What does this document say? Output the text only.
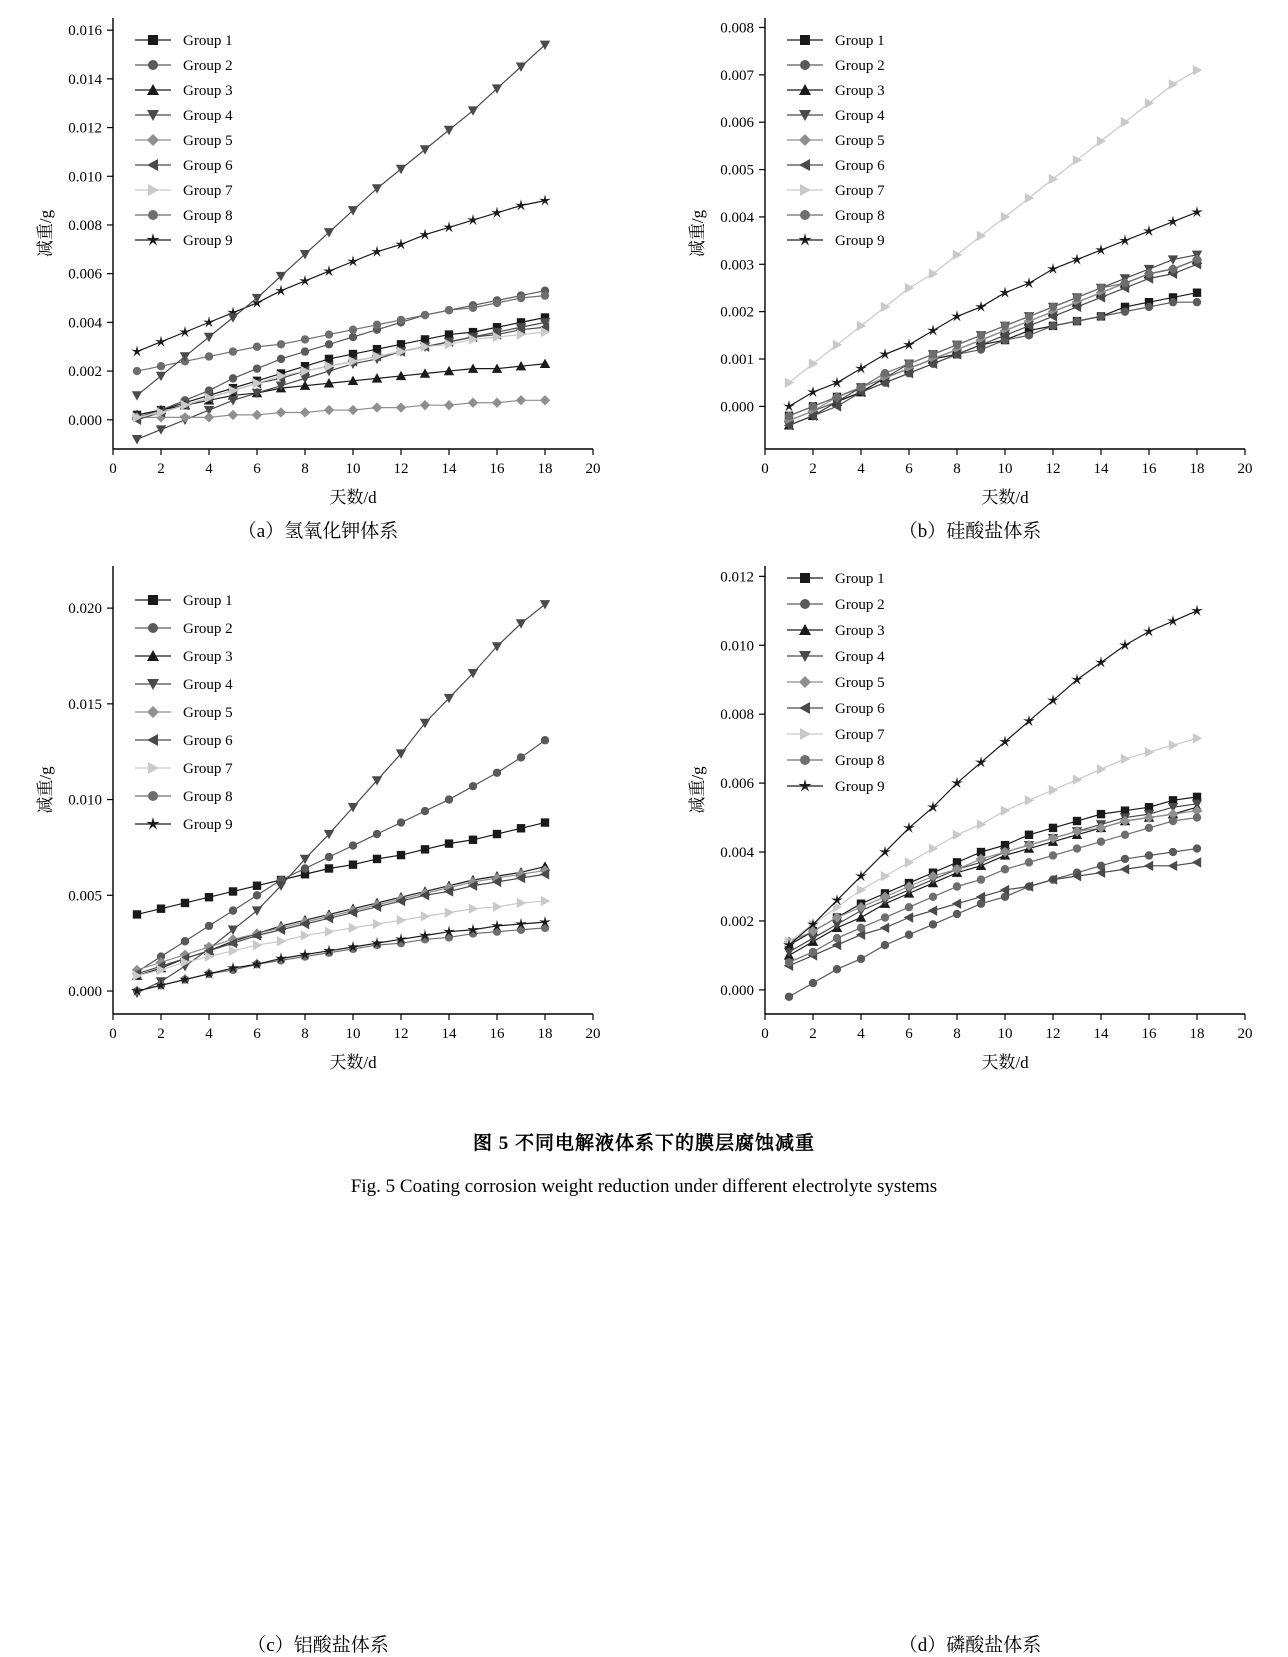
0	2	4	6	8 10 12 14 16 18 20
0.000
0.002
0.004
0.006
0.008
0.010
0.012
0.014
0.016
天数/d
减重/g
Group 1
Group 2
Group 3
Group 4
Group 5
Group 6
Group 7
Group 8
Group 9
（a）氢氧化钾体系
0	2	4	6	8 10 12 14 16 18 20
0.000
0.001
0.002
0.003
0.004
0.005
0.006
0.007
0.008
天数/d
减重/g
Group 1
Group 2
Group 3
Group 4
Group 5
Group 6
Group 7
Group 8
Group 9
（b）硅酸盐体系
0	2	4	6	8 10 12 14 16 18 20
0.000
0.005
0.010
0.015
0.020
天数/d
减重/g
Group 1
Group 2
Group 3
Group 4
Group 5
Group 6
Group 7
Group 8
Group 9
（c）铝酸盐体系
0	2	4	6	8 10 12 14 16 18 20
0.000
0.002
0.004
0.006
0.008
0.010
0.012
天数/d
减重/g
Group 1
Group 2
Group 3
Group 4
Group 5
Group 6
Group 7
Group 8
Group 9
（d）磷酸盐体系
图 5 不同电解液体系下的膜层腐蚀减重
Fig. 5 Coating corrosion weight reduction under different electrolyte systems
